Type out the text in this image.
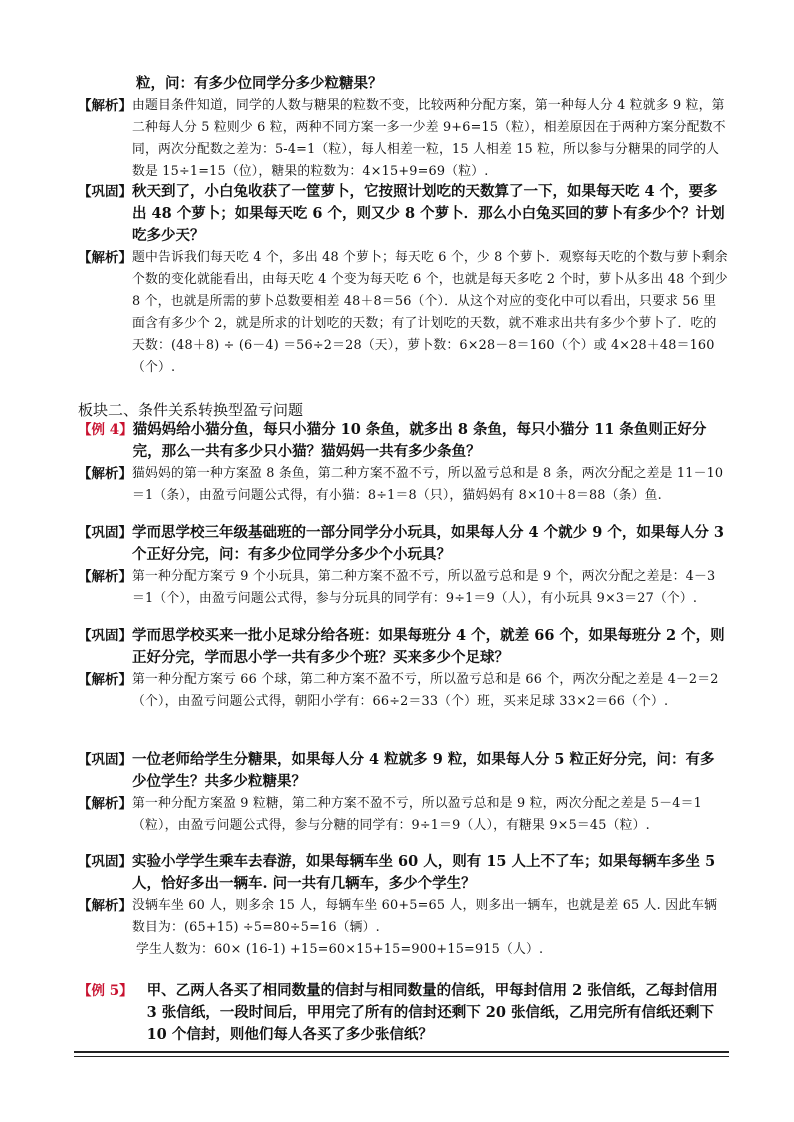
粒，问：有多少位同学分多少粒糖果？
【解析】 由题目条件知道，同学的人数与糖果的粒数不变，比较两种分配方案，第一种每人分 4 粒就多 9 粒，第二种每人分 5 粒则少 6 粒，两种不同方案一多一少差 9+6=15（粒），相差原因在于两种方案分配数不同，两次分配数之差为：5-4=1（粒），每人相差一粒，15 人相差 15 粒，所以参与分糖果的同学的人数是 15÷1=15（位），糖果的粒数为：4×15+9=69（粒）.
【巩固】 秋天到了，小白兔收获了一筐萝卜，它按照计划吃的天数算了一下，如果每天吃 4 个，要多出 48 个萝卜；如果每天吃 6 个，则又少 8 个萝卜．那么小白兔买回的萝卜有多少个？计划吃多少天？
【解析】 题中告诉我们每天吃 4 个，多出 48 个萝卜；每天吃 6 个，少 8 个萝卜．观察每天吃的个数与萝卜剩余个数的变化就能看出，由每天吃 4 个变为每天吃 6 个，也就是每天多吃 2 个时，萝卜从多出 48 个到少 8 个，也就是所需的萝卜总数要相差 48＋8＝56（个）．从这个对应的变化中可以看出，只要求 56 里面含有多少个 2，就是所求的计划吃的天数；有了计划吃的天数，就不难求出共有多少个萝卜了．吃的天数：(48＋8) ÷ (6－4) ＝56÷2＝28（天），萝卜数：6×28－8＝160（个）或 4×28＋48＝160（个）.
板块二、条件关系转换型盈亏问题
【例 4】 猫妈妈给小猫分鱼，每只小猫分 10 条鱼，就多出 8 条鱼，每只小猫分 11 条鱼则正好分完，那么一共有多少只小猫？猫妈妈一共有多少条鱼？
【解析】 猫妈妈的第一种方案盈 8 条鱼，第二种方案不盈不亏，所以盈亏总和是 8 条，两次分配之差是 11－10＝1（条），由盈亏问题公式得，有小猫：8÷1＝8（只），猫妈妈有 8×10＋8＝88（条）鱼.
【巩固】 学而思学校三年级基础班的一部分同学分小玩具，如果每人分 4 个就少 9 个，如果每人分 3 个正好分完，问：有多少位同学分多少个小玩具？
【解析】 第一种分配方案亏 9 个小玩具，第二种方案不盈不亏，所以盈亏总和是 9 个，两次分配之差是：4－3＝1（个），由盈亏问题公式得，参与分玩具的同学有：9÷1＝9（人），有小玩具 9×3＝27（个）.
【巩固】 学而思学校买来一批小足球分给各班：如果每班分 4 个，就差 66 个，如果每班分 2 个，则正好分完，学而思小学一共有多少个班？买来多少个足球？
【解析】 第一种分配方案亏 66 个球，第二种方案不盈不亏，所以盈亏总和是 66 个，两次分配之差是 4－2＝2（个），由盈亏问题公式得，朝阳小学有：66÷2＝33（个）班，买来足球 33×2＝66（个）.
【巩固】 一位老师给学生分糖果，如果每人分 4 粒就多 9 粒，如果每人分 5 粒正好分完，问：有多少位学生？共多少粒糖果？
【解析】 第一种分配方案盈 9 粒糖，第二种方案不盈不亏，所以盈亏总和是 9 粒，两次分配之差是 5－4＝1（粒），由盈亏问题公式得，参与分糖的同学有：9÷1＝9（人），有糖果 9×5＝45（粒）.
【巩固】 实验小学学生乘车去春游，如果每辆车坐 60 人，则有 15 人上不了车；如果每辆车多坐 5 人，恰好多出一辆车. 问一共有几辆车，多少个学生？
【解析】 没辆车坐 60 人，则多余 15 人，每辆车坐 60+5=65 人，则多出一辆车，也就是差 65 人. 因此车辆数目为：(65+15) ÷5=80÷5=16（辆）.
学生人数为：60× (16-1) +15=60×15+15=900+15=915（人）.
【例 5】 甲、乙两人各买了相同数量的信封与相同数量的信纸，甲每封信用 2 张信纸，乙每封信用 3 张信纸，一段时间后，甲用完了所有的信封还剩下 20 张信纸，乙用完所有信纸还剩下 10 个信封，则他们每人各买了多少张信纸？
